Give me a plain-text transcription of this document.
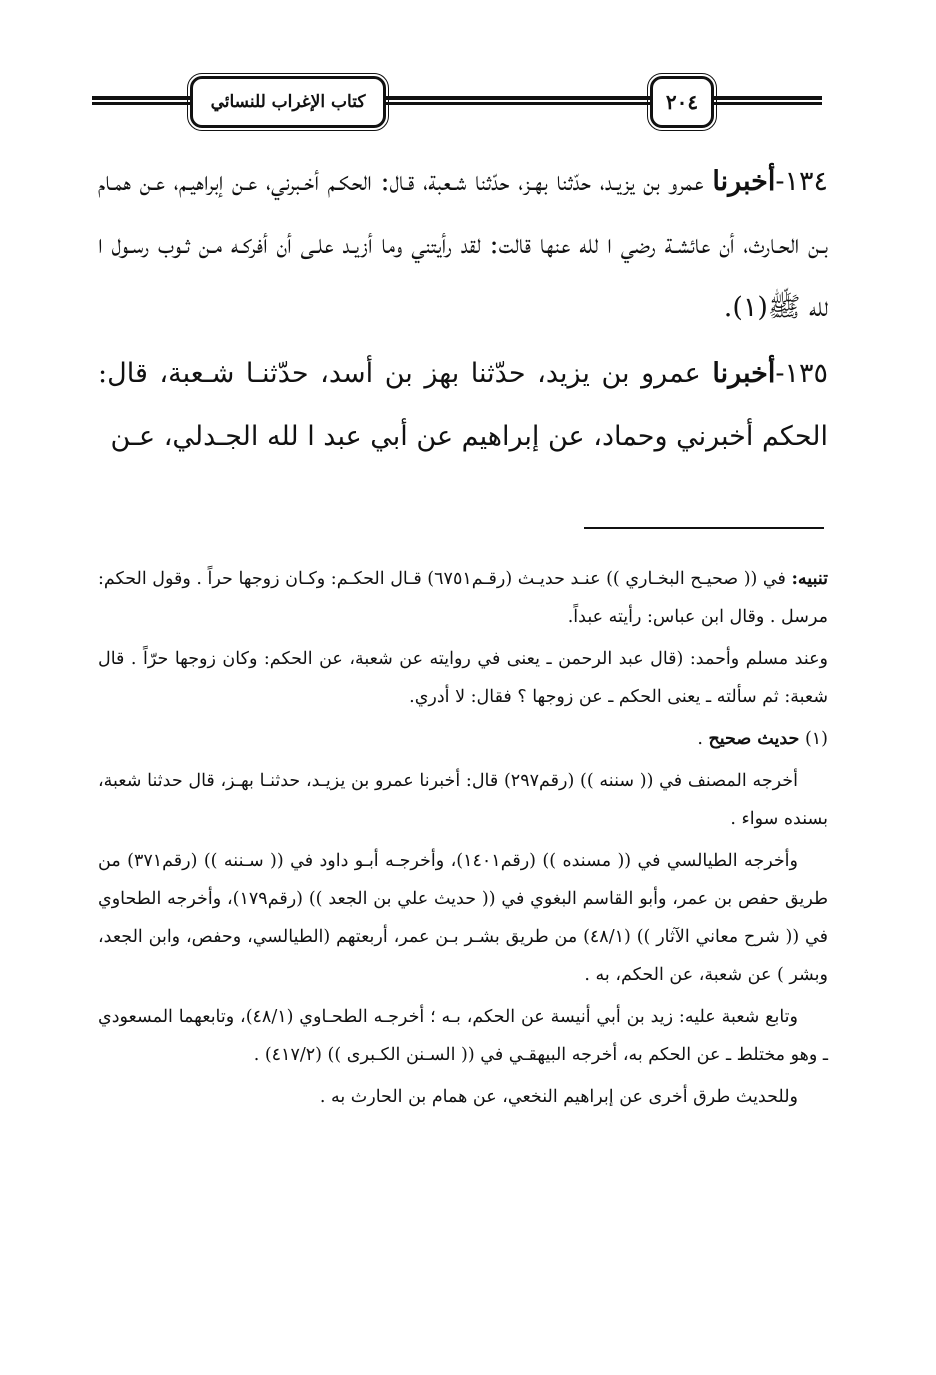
كتاب الإغراب للنسائي	٢٠٤

١٣٤-أخبرنا عمرو بن يزيـد، حدّثنا بهـز، حدّثنا شـعبة، قـال: الحكـم أخـبرني، عـن إبراهيـم، عـن همـام بـن الحـارث، أن عائشـة رضي ا لله عنها قالت: لقد رأيتني وما أزيـد علـى أن أفركـه مـن ثـوب رسـول ا لله ﷺ(١).

١٣٥-أخبرنا عمرو بن يزيد، حدّثنا بهز بن أسد، حدّثنـا شـعبة، قال: الحكم أخبرني وحماد، عن إبراهيم عن أبي عبد ا لله الجـدلي، عـن

تنبيه: في (( صحيـح البخـاري )) عنـد حديـث (رقـم٦٧٥١) قـال الحكـم: وكـان زوجها حراً . وقول الحكم: مرسل . وقال ابن عباس: رأيته عبداً.

وعند مسلم وأحمد: (قال عبد الرحمن ـ يعنى في روايته عن شعبة، عن الحكم: وكان زوجها حرّاً . قال شعبة: ثم سألته ـ يعنى الحكم ـ عن زوجها ؟ فقال: لا أدري.

(١) حديث صحيح .

أخرجه المصنف في (( سننه )) (رقم٢٩٧) قال: أخبرنا عمرو بن يزيـد، حدثنـا بهـز، قال حدثنا شعبة، بسنده سواء .

وأخرجه الطيالسي في (( مسنده )) (رقم١٤٠١)، وأخرجـه أبـو داود في (( سـننه )) (رقم٣٧١) من طريق حفص بن عمر، وأبو القاسم البغوي في (( حديث علي بن الجعد )) (رقم١٧٩)، وأخرجه الطحاوي في (( شرح معاني الآثار )) (٤٨/١) من طريق بشـر بـن عمر، أربعتهم (الطيالسي، وحفص، وابن الجعد، وبشر ) عن شعبة، عن الحكم، به .

وتابع شعبة عليه: زيد بن أبي أنيسة عن الحكم، بـه ؛ أخرجـه الطحـاوي (٤٨/١)، وتابعهما المسعودي ـ وهو مختلط ـ عن الحكم به، أخرجه البيهقـي في (( السـنن الكـبرى )) (٤١٧/٢) .

وللحديث طرق أخرى عن إبراهيم النخعي، عن همام بن الحارث به .
